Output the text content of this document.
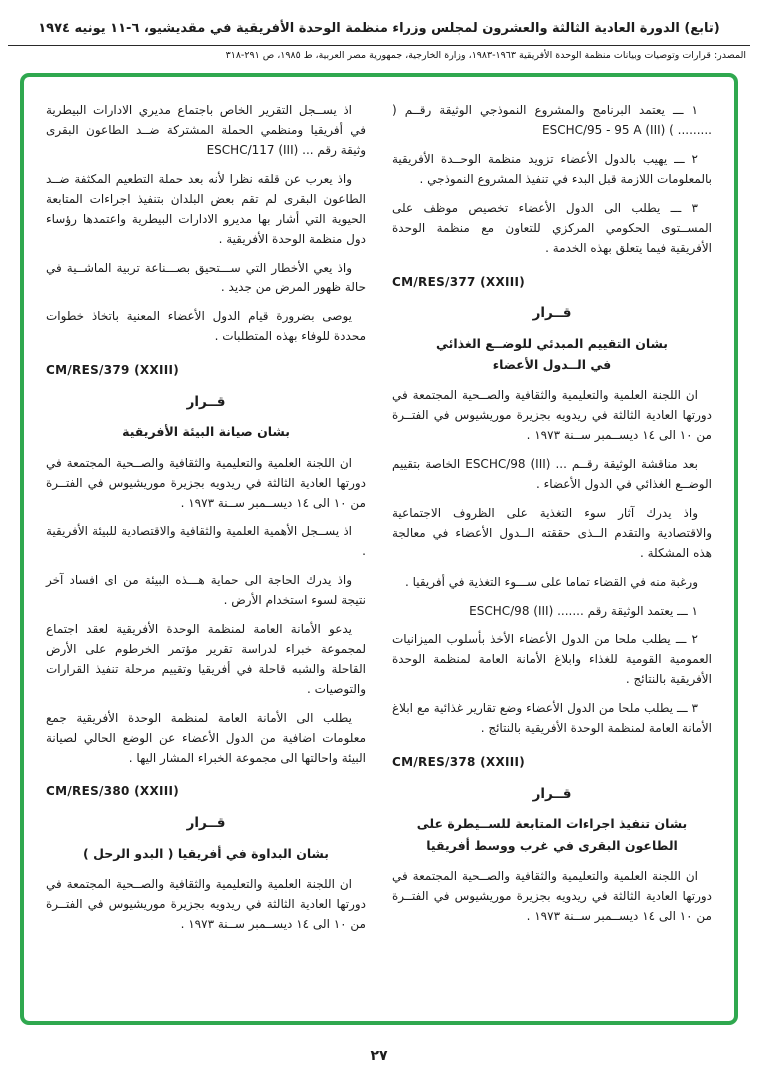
(تابع) الدورة العادية الثالثة والعشرون لمجلس وزراء منظمة الوحدة الأفريقية في مقديشيو، ٦-١١ يونيه ١٩٧٤
المصدر: قرارات وتوصيات وبيانات منظمة الوحدة الأفريقية ١٩٦٣-١٩٨٣، وزارة الخارجية، جمهورية مصر العربية، ط ١٩٨٥، ص ٢٩١-٣١٨

١ ـــ يعتمد البرنامج والمشروع النموذجي الوثيقة رقــم ( ......... ) ESCHC/95 - 95 A (III)‎

٢ ـــ يهيب بالدول الأعضاء تزويد منظمة الوحــدة الأفريقية بالمعلومات اللازمة قبل البدء في تنفيذ المشروع النموذجي .

٣ ـــ يطلب الى الدول الأعضاء تخصيص موظف على المســتوى الحكومي المركزي للتعاون مع منظمة الوحدة الأفريقية فيما يتعلق بهذه الخدمة .

CM/RES/377 (XXIII)

قــرار
بشان التقييم المبدئي للوضــع الغذائي
في الــدول الأعضاء

ان اللجنة العلمية والتعليمية والثقافية والصــحية المجتمعة في دورتها العادية الثالثة في ريدويه بجزيرة موريشيوس في الفتــرة من ١٠ الى ١٤ ديســمبر ســنة ١٩٧٣ .

بعد مناقشة الوثيقة رقــم ... ESCHC/98 (III)‎ الخاصة بتقييم الوضــع الغذائي في الدول الأعضاء .

واذ يدرك آثار سوء التغذية على الظروف الاجتماعية والاقتصادية والتقدم الــذى حققته الــدول الأعضاء في معالجة هذه المشكلة .

ورغبة منه في القضاء تماما على ســـوء التغذية في أفريقيا .

١ ـــ يعتمد الوثيقة رقم ....... ESCHC/98 (III)‎

٢ ـــ يطلب ملحا من الدول الأعضاء الأخذ بأسلوب الميزانيات العمومية القومية للغذاء وابلاغ الأمانة العامة لمنظمة الوحدة الأفريقية بالنتائج .

٣ ـــ يطلب ملحا من الدول الأعضاء وضع تقارير غذائية مع ابلاغ الأمانة العامة لمنظمة الوحدة الأفريقية بالنتائج .

CM/RES/378 (XXIII)

قــرار
بشان تنفيذ اجراءات المتابعة للســيطرة على
الطاعون البقرى في غرب ووسط أفريقيا

ان اللجنة العلمية والتعليمية والثقافية والصــحية المجتمعة في دورتها العادية الثالثة في ريدويه بجزيرة موريشيوس في الفتــرة من ١٠ الى ١٤ ديســمبر ســنة ١٩٧٣ .

اذ يســجل التقرير الخاص باجتماع مديري الادارات البيطرية في أفريقيا ومنظمي الحملة المشتركة ضــد الطاعون البقرى وثيقة رقم ... ESCHC/117 (III)‎

واذ يعرب عن قلقه نظرا لأنه بعد حملة التطعيم المكثفة ضــد الطاعون البقرى لم تقم بعض البلدان بتنفيذ اجراءات المتابعة الحيوية التي أشار بها مديرو الادارات البيطرية واعتمدها رؤساء دول منظمة الوحدة الأفريقية .

واذ يعي الأخطار التي ســـتحيق بصـــناعة تربية الماشــية في حالة ظهور المرض من جديد .

يوصى بضرورة قيام الدول الأعضاء المعنية باتخاذ خطوات محددة للوفاء بهذه المتطلبات .

CM/RES/379 (XXIII)

قــرار
بشان صيانة البيئة الأفريقية

ان اللجنة العلمية والتعليمية والثقافية والصــحية المجتمعة في دورتها العادية الثالثة في ريدويه بجزيرة موريشيوس في الفتــرة من ١٠ الى ١٤ ديســمبر ســنة ١٩٧٣ .

اذ يســجل الأهمية العلمية والثقافية والاقتصادية للبيئة الأفريقية .

واذ يدرك الحاجة الى حماية هـــذه البيئة من اى افساد آخر نتيجة لسوء استخدام الأرض .

يدعو الأمانة العامة لمنظمة الوحدة الأفريقية لعقد اجتماع لمجموعة خبراء لدراسة تقرير مؤتمر الخرطوم على الأرض القاحلة والشبه قاحلة في أفريقيا وتقييم مرحلة تنفيذ القرارات والتوصيات .

يطلب الى الأمانة العامة لمنظمة الوحدة الأفريقية جمع معلومات اضافية من الدول الأعضاء عن الوضع الحالي لصيانة البيئة واحالتها الى مجموعة الخبراء المشار اليها .

CM/RES/380 (XXIII)

قــرار
بشان البداوة في أفريقيا ( البدو الرحل )

ان اللجنة العلمية والتعليمية والثقافية والصــحية المجتمعة في دورتها العادية الثالثة في ريدويه بجزيرة موريشيوس في الفتــرة من ١٠ الى ١٤ ديســمبر ســنة ١٩٧٣ .

٢٧
